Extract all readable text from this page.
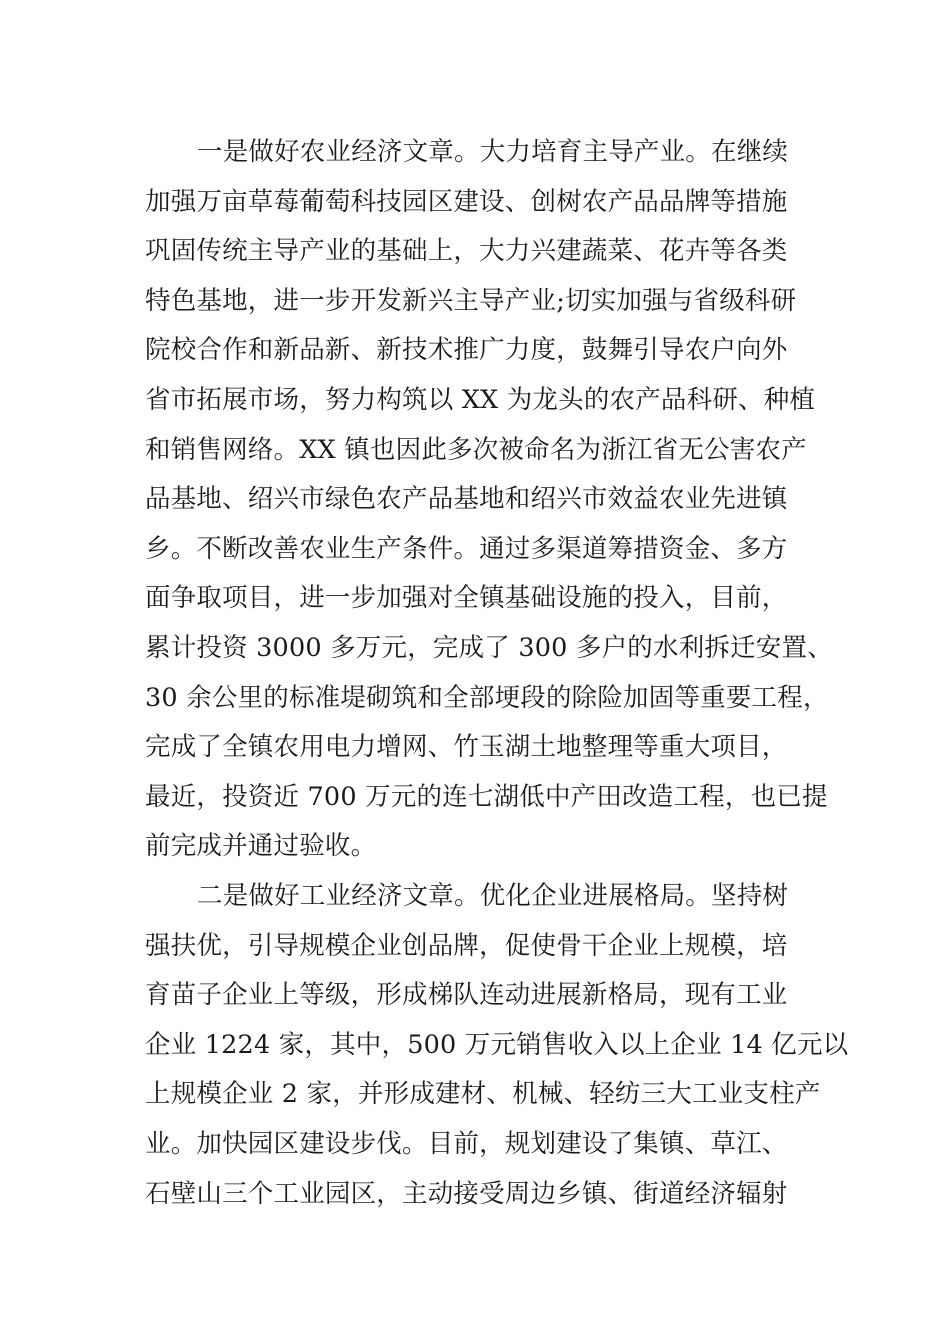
一是做好农业经济文章。大力培育主导产业。在继续
加强万亩草莓葡萄科技园区建设、创树农产品品牌等措施
巩固传统主导产业的基础上，大力兴建蔬菜、花卉等各类
特色基地，进一步开发新兴主导产业;切实加强与省级科研
院校合作和新品新、新技术推广力度，鼓舞引导农户向外
省市拓展市场，努力构筑以 XX 为龙头的农产品科研、种植
和销售网络。XX 镇也因此多次被命名为浙江省无公害农产
品基地、绍兴市绿色农产品基地和绍兴市效益农业先进镇
乡。不断改善农业生产条件。通过多渠道筹措资金、多方
面争取项目，进一步加强对全镇基础设施的投入，目前，
累计投资 3000 多万元，完成了 300 多户的水利拆迁安置、
30 余公里的标准堤砌筑和全部埂段的除险加固等重要工程，
完成了全镇农用电力增网、竹玉湖土地整理等重大项目，
最近，投资近 700 万元的连七湖低中产田改造工程，也已提
前完成并通过验收。
二是做好工业经济文章。优化企业进展格局。坚持树
强扶优，引导规模企业创品牌，促使骨干企业上规模，培
育苗子企业上等级，形成梯队连动进展新格局，现有工业
企业 1224 家，其中，500 万元销售收入以上企业 14 亿元以
上规模企业 2 家，并形成建材、机械、轻纺三大工业支柱产
业。加快园区建设步伐。目前，规划建设了集镇、草江、
石壁山三个工业园区，主动接受周边乡镇、街道经济辐射
